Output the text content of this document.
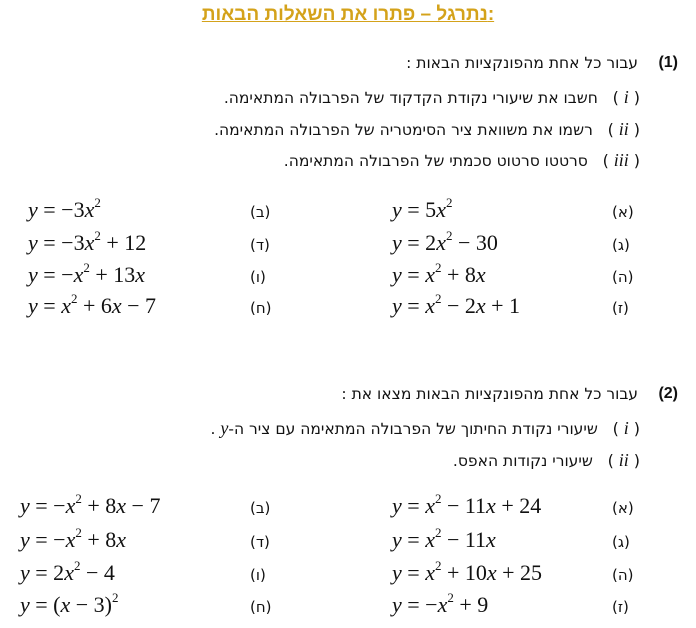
נתרגל – פתרו את השאלות הבאות:
(1)
עבור כל אחת מהפונקציות הבאות :
( i )   חשבו את שיעורי נקודת הקדקוד של הפרבולה המתאימה.
( ii )   רשמו את משוואת ציר הסימטריה של הפרבולה המתאימה.
( iii )   סרטטו סרטוט סכמתי של הפרבולה המתאימה.
(א)
$y = 5x^2$
(ב)
$y = -3x^2$
(ג)
$y = 2x^2 - 30$
(ד)
$y = -3x^2 + 12$
(ה)
$y = x^2 + 8x$
(ו)
$y = -x^2 + 13x$
(ז)
$y = x^2 - 2x + 1$
(ח)
$y = x^2 + 6x - 7$
(2)
עבור כל אחת מהפונקציות הבאות מצאו את :
( i )   שיעורי נקודת החיתוך של הפרבולה המתאימה עם ציר ה-y .
( ii )   שיעורי נקודות האפס.
(א)
$y = x^2 - 11x + 24$
(ב)
$y = -x^2 + 8x - 7$
(ג)
$y = x^2 - 11x$
(ד)
$y = -x^2 + 8x$
(ה)
$y = x^2 + 10x + 25$
(ו)
$y = 2x^2 - 4$
(ז)
$y = -x^2 + 9$
(ח)
$y = (x - 3)^2$
